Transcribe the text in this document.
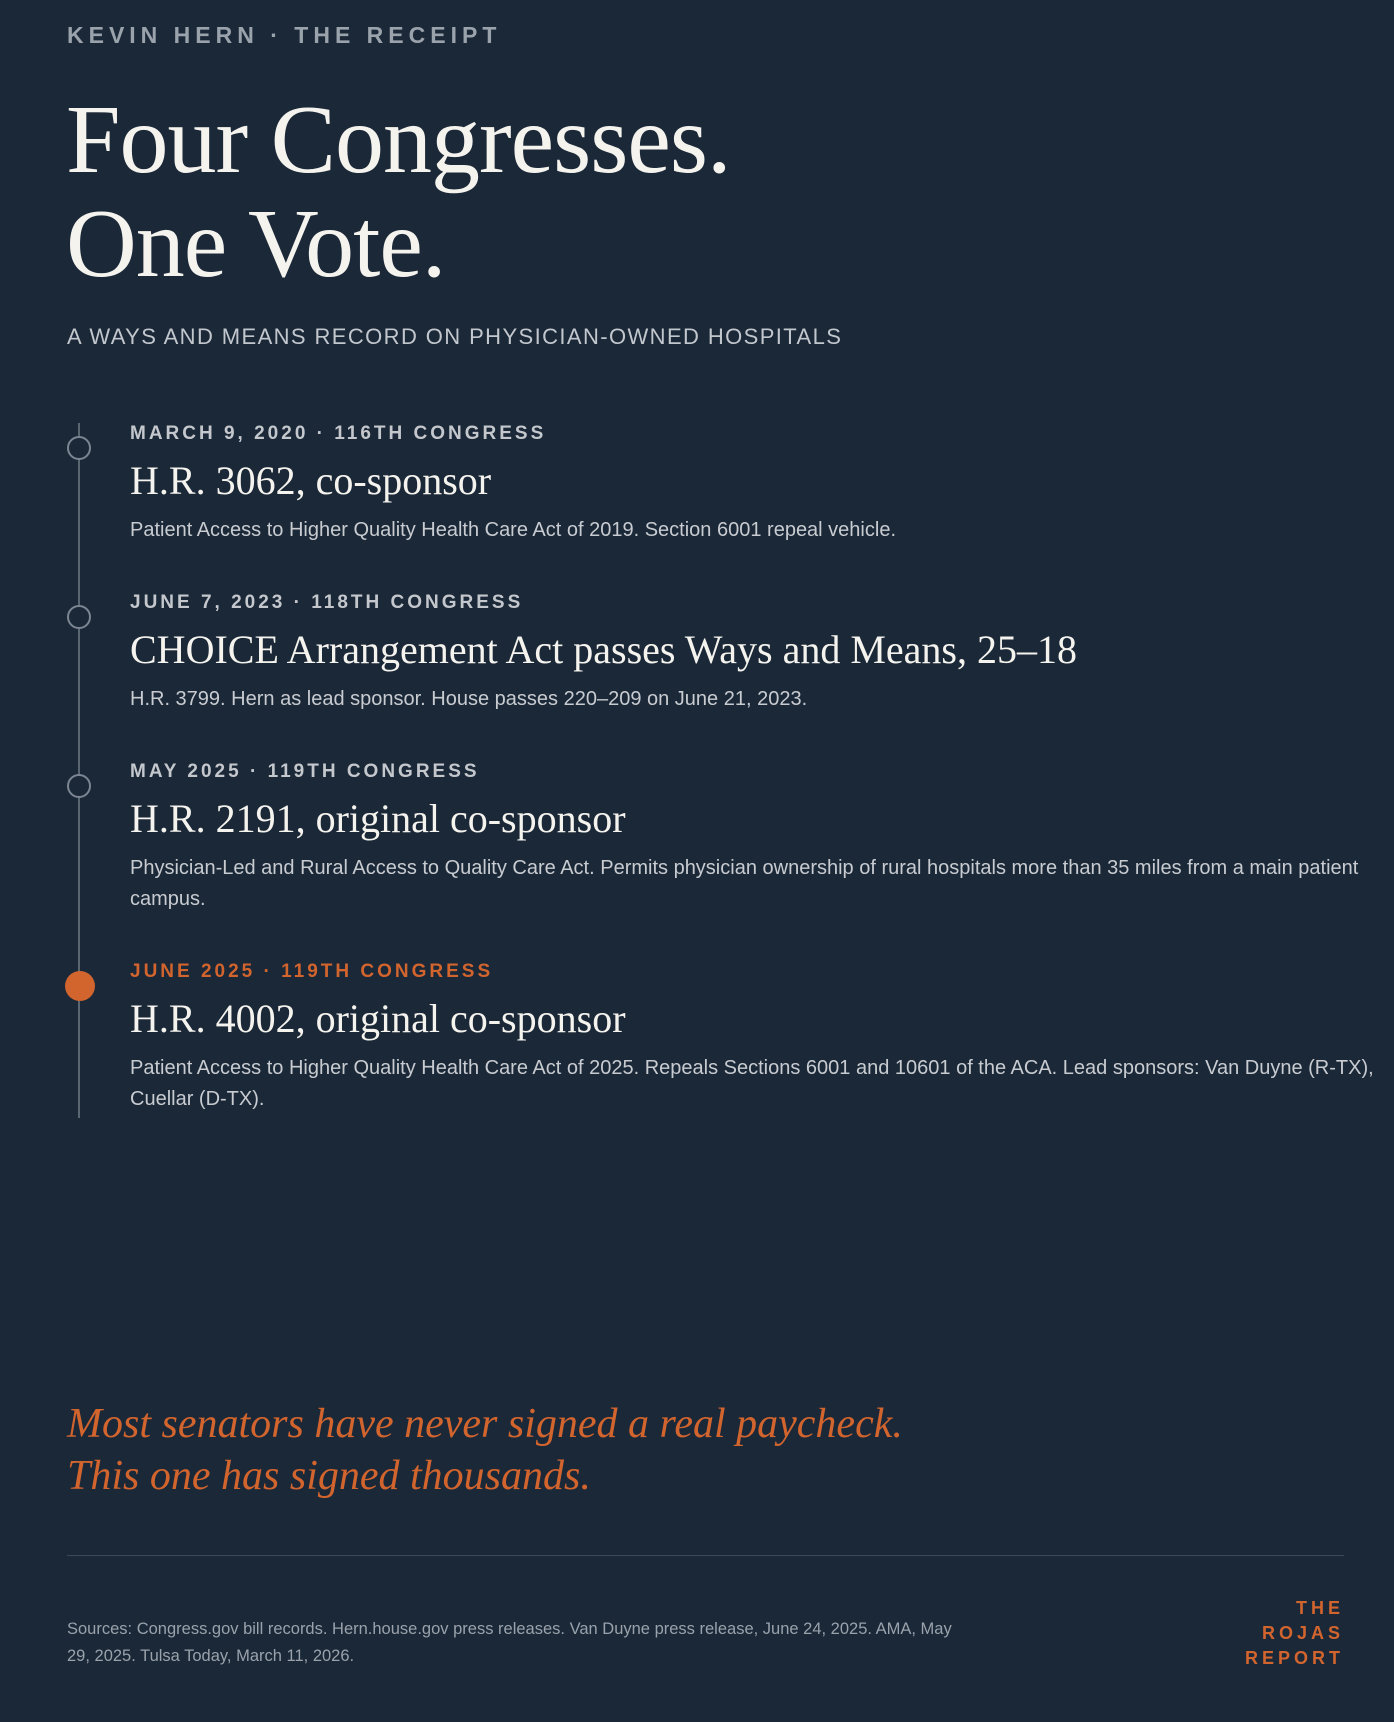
KEVIN HERN · THE RECEIPT
Four Congresses.
One Vote.
A WAYS AND MEANS RECORD ON PHYSICIAN-OWNED HOSPITALS
MARCH 9, 2020 · 116TH CONGRESS
H.R. 3062, co-sponsor
Patient Access to Higher Quality Health Care Act of 2019. Section 6001 repeal vehicle.
JUNE 7, 2023 · 118TH CONGRESS
CHOICE Arrangement Act passes Ways and Means, 25–18
H.R. 3799. Hern as lead sponsor. House passes 220–209 on June 21, 2023.
MAY 2025 · 119TH CONGRESS
H.R. 2191, original co-sponsor
Physician-Led and Rural Access to Quality Care Act. Permits physician ownership of rural hospitals more than 35 miles from a main patient campus.
JUNE 2025 · 119TH CONGRESS
H.R. 4002, original co-sponsor
Patient Access to Higher Quality Health Care Act of 2025. Repeals Sections 6001 and 10601 of the ACA. Lead sponsors: Van Duyne (R-TX), Cuellar (D-TX).
Most senators have never signed a real paycheck.
This one has signed thousands.
Sources: Congress.gov bill records. Hern.house.gov press releases. Van Duyne press release, June 24, 2025. AMA, May 29, 2025. Tulsa Today, March 11, 2026.
THE
ROJAS
REPORT
